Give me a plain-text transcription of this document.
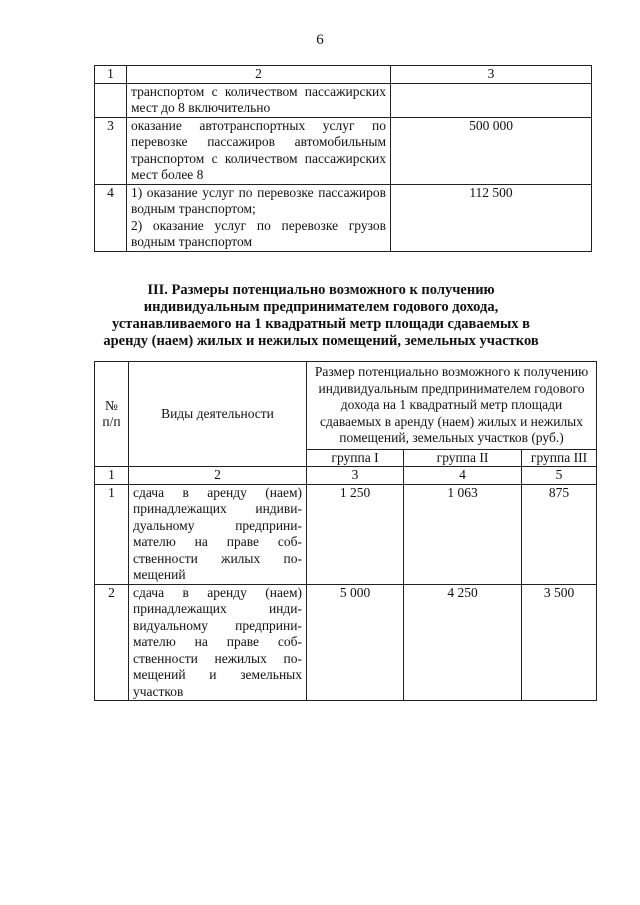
6
1	2	3
	транспортом с количеством пассажирских мест до 8 включительно	
3	оказание автотранспортных услуг по перевозке пассажиров автомобильным транспортом с количеством пассажирских мест более 8	500 000
4	1) оказание услуг по перевозке пассажиров водным транспортом;
2) оказание услуг по перевозке грузов водным транспортом	112 500
III. Размеры потенциально возможного к получению индивидуальным предпринимателем годового дохода, устанавливаемого на 1 квадратный метр площади сдаваемых в аренду (наем) жилых и нежилых помещений, земельных участков
№ п/п	Виды деятельности	Размер потенциально возможного к получению индивидуальным предпринимателем годового дохода на 1 квадратный метр площади сдаваемых в аренду (наем) жилых и нежилых помещений, земельных участков (руб.)		
		группа I	группа II	группа III
1	2	3	4	5
1	сдача в аренду (наем) принадлежащих индивидуальному предпринимателю на праве собственности жилых помещений	1 250	1 063	875
2	сдача в аренду (наем) принадлежащих индивидуальному предпринимателю на праве собственности нежилых помещений и земельных участков	5 000	4 250	3 500
